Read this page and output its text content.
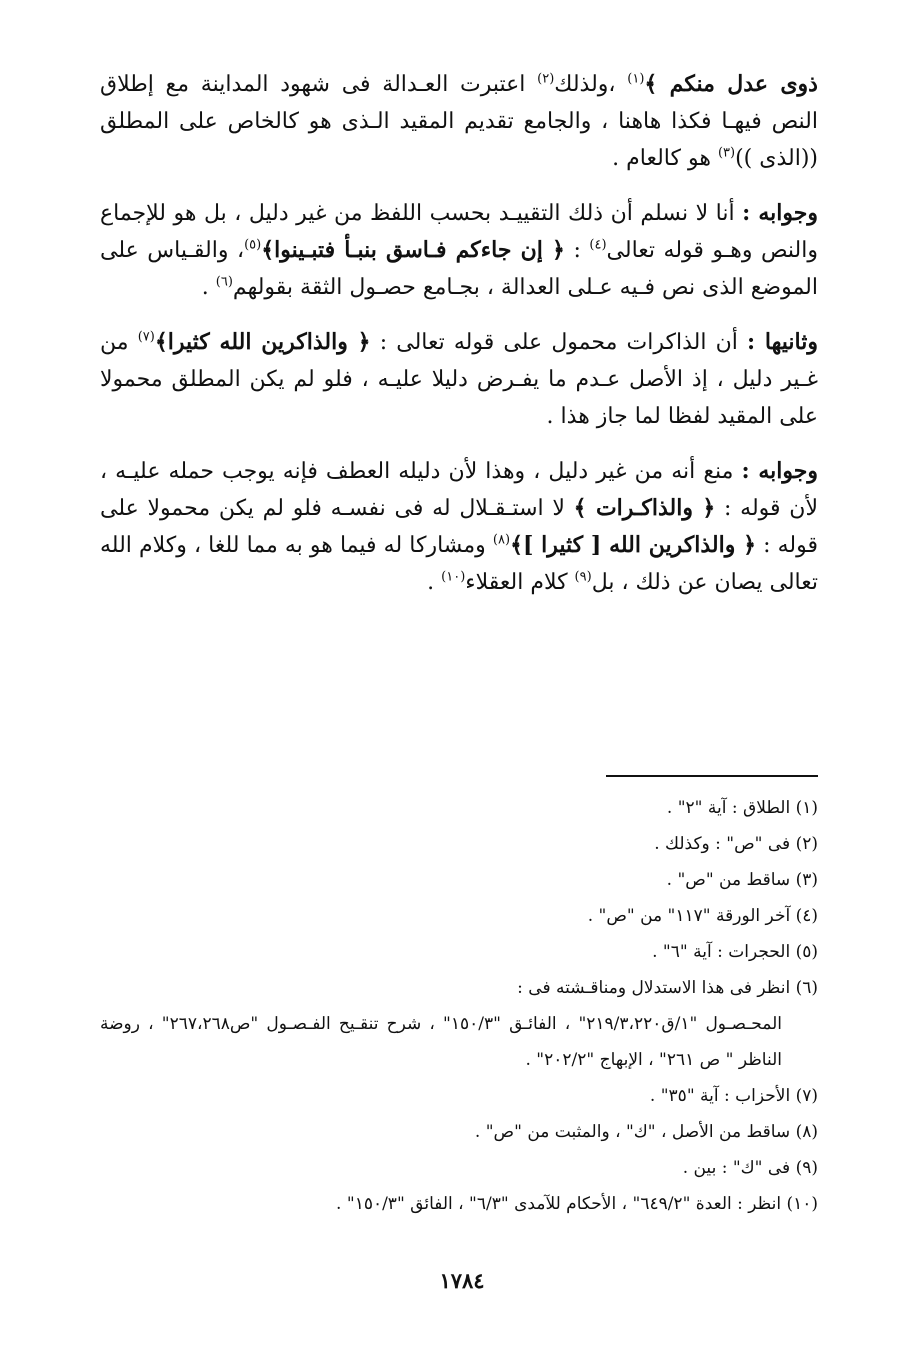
ذوى عدل منكم ﴾$^{(١)}$ ،ولذلك$^{(٢)}$ اعتبرت العـدالة فى شهود المداينة مع إطلاق النص فيهـا فكذا هاهنا ، والجامع تقديم المقيد الـذى هو كالخاص على المطلق ((الذى ))$^{(٣)}$ هو كالعام .

وجوابه : أنا لا نسلم أن ذلك التقييـد بحسب اللفظ من غير دليل ، بل هو للإجماع والنص وهـو قوله تعالى$^{(٤)}$ : ﴿ إن جاءكم فـاسق بنبـأ فتبـينوا﴾$^{(٥)}$، والقـياس على الموضع الذى نص فـيه عـلى العدالة ، بجـامع حصـول الثقة بقولهم$^{(٦)}$ .

وثانيها : أن الذاكرات محمول على قوله تعالى : ﴿ والذاكرين الله كثيرا﴾$^{(٧)}$ من غـير دليل ، إذ الأصل عـدم ما يفـرض دليلا عليـه ، فلو لم يكن المطلق محمولا على المقيد لفظا لما جاز هذا .

وجوابه : منع أنه من غير دليل ، وهذا لأن دليله العطف فإنه يوجب حمله عليـه ، لأن قوله : ﴿ والذاكـرات ﴾ لا استـقـلال له فى نفسـه فلو لم يكن محمولا على قوله : ﴿ والذاكرين الله [ كثيرا ]﴾$^{(٨)}$ ومشاركا له فيما هو به مما للغا ، وكلام الله تعالى يصان عن ذلك ، بل$^{(٩)}$ كلام العقلاء$^{(١٠)}$ .

(١) الطلاق : آية "٢" .

(٢) فى "ص" : وكذلك .

(٣) ساقط من "ص" .

(٤) آخر الورقة "١١٧" من "ص" .

(٥) الحجرات : آية "٦" .

(٦) انظر فى هذا الاستدلال ومناقـشته فى :

المحـصـول "١/ق٢١٩/٣،٢٢٠" ، الفائـق "١٥٠/٣" ، شرح تنقـيح الفـصـول "ص٢٦٧،٢٦٨" ، روضة الناظر " ص ٢٦١" ، الإبهاج "٢٠٢/٢" .

(٧) الأحزاب : آية "٣٥" .

(٨) ساقط من الأصل ، "ك" ، والمثبت من "ص" .

(٩) فى "ك" : بين .

(١٠) انظر : العدة "٦٤٩/٢" ، الأحكام للآمدى "٦/٣" ، الفائق "١٥٠/٣" .

١٧٨٤
